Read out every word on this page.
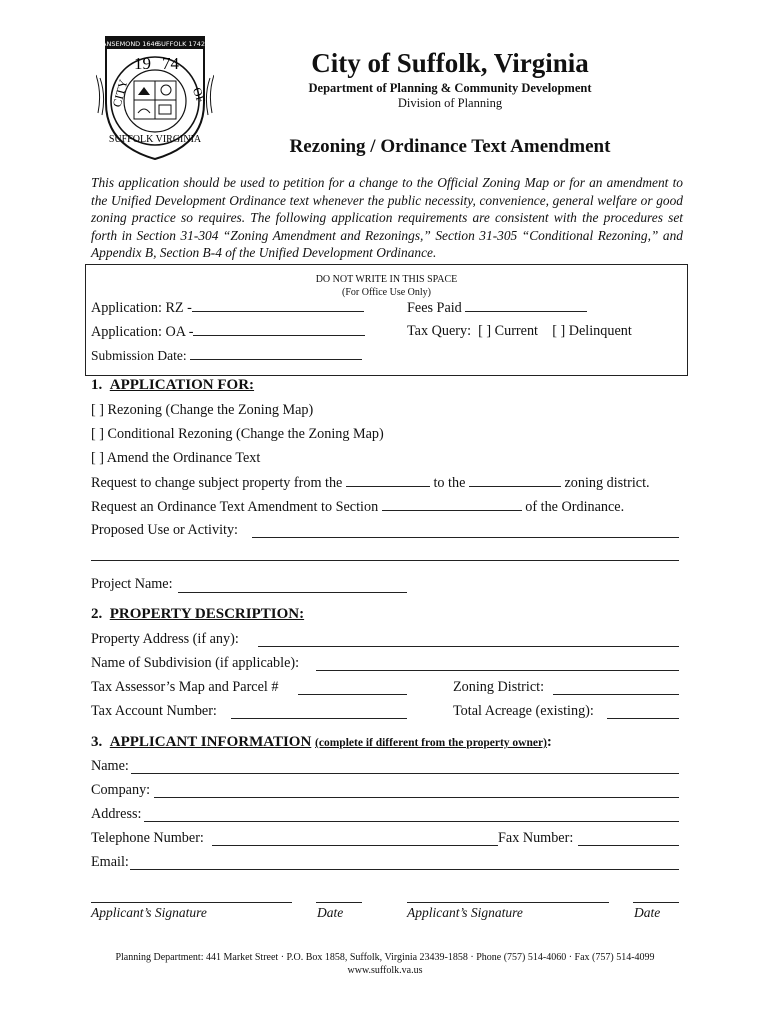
NANSEMOND 1646
SUFFOLK 1742
19 74
CITY	OF
SUFFOLK VIRGINIA
City of Suffolk, Virginia
Department of Planning & Community Development
Division of Planning
Rezoning / Ordinance Text Amendment
This application should be used to petition for a change to the Official Zoning Map or for an amendment to the Unified Development Ordinance text whenever the public necessity, convenience, general welfare or good zoning practice so requires. The following application requirements are consistent with the procedures set forth in Section 31-304 “Zoning Amendment and Rezonings,” Section 31-305 “Conditional Rezoning,” and Appendix B, Section B-4 of the Unified Development Ordinance.
DO NOT WRITE IN THIS SPACE
(For Office Use Only)
Application: RZ -	Fees Paid
Application: OA -	Tax Query: [ ] Current [ ] Delinquent
Submission Date:
1. APPLICATION FOR:
[ ] Rezoning (Change the Zoning Map)
[ ] Conditional Rezoning (Change the Zoning Map)
[ ] Amend the Ordinance Text
Request to change subject property from the	to the	zoning district.
Request an Ordinance Text Amendment to Section	of the Ordinance.
Proposed Use or Activity:
Project Name:
2. PROPERTY DESCRIPTION:
Property Address (if any):
Name of Subdivision (if applicable):
Tax Assessor’s Map and Parcel #	Zoning District:
Tax Account Number:	Total Acreage (existing):
3. APPLICANT INFORMATION (complete if different from the property owner):
Name:
Company:
Address:
Telephone Number:	Fax Number:
Email:
Applicant’s Signature	Date	Applicant’s Signature	Date
Planning Department: 441 Market Street · P.O. Box 1858, Suffolk, Virginia 23439-1858 · Phone (757) 514-4060 · Fax (757) 514-4099
www.suffolk.va.us
